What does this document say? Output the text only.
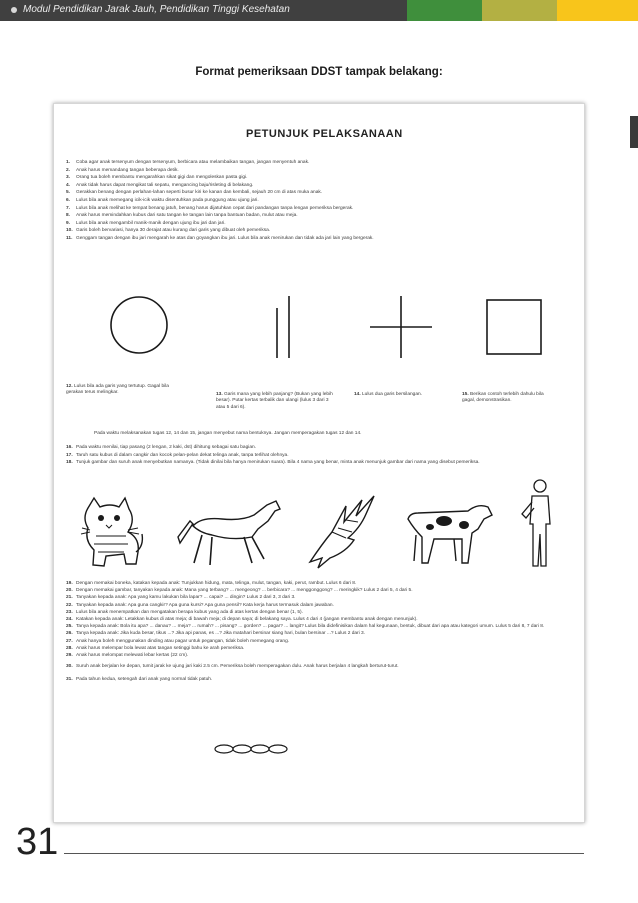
Modul Pendidikan Jarak Jauh, Pendidikan Tinggi Kesehatan
Format pemeriksaan DDST tampak belakang:
PETUNJUK PELAKSANAAN
1.	Coba agar anak tersenyum dengan tersenyum, berbicara atau melambaikan tangan, jangan menyentuh anak.
2.	Anak harus memandang tangan beberapa detik.
3.	Orang tua boleh membantu mengarahkan sikat gigi dan mengoleskan pasta gigi.
4.	Anak tidak harus dapat mengikat tali sepatu, mengancing baju/risleting di belakang.
5.	Gerakkan benang dengan perlahan-lahan seperti busur kiri ke kanan dan kembali, sejauh 20 cm di atas muka anak.
6.	Lulus bila anak memegang icik-icik waktu disentuhkan pada punggung atau ujung jari.
7.	Lulus bila anak melihat ke tempat benang jatuh, benang harus dijatuhkan cepat dari pandangan tanpa lengan pemeriksa bergerak.
8.	Anak harus memindahkan kubus dari satu tangan ke tangan lain tanpa bantuan badan, mulut atau meja.
9.	Lulus bila anak mengambil manik-manik dengan ujung ibu jari dan jari.
10. Garis boleh bervariasi, hanya 30 derajat atau kurang dari garis yang dibuat oleh pemeriksa.
11. Genggam tangan dengan ibu jari mengarah ke atas dan goyangkan ibu jari. Lulus bila anak menirukan dan tidak ada jari lain yang bergerak.
12. Lulus bila ada garis yang tertutup. Gagal bila gerakan terus melingkar.	13. Garis mana yang lebih panjang? (Bukan yang lebih besar). Putar kertas terbalik dan ulangi (lulus 3 dari 3 atau 5 dari 6).
14. Lulus dua garis bersilangan.	15. Berikan contoh terlebih dahulu bila gagal, demonstrasikan.
Pada waktu melaksanakan tugas 12, 14 dan 15, jangan menyebut nama bentuknya. Jangan memperagakan tugas 12 dan 14.
16. Pada waktu menilai, tiap pasang (2 lengan, 2 kaki, dst) dihitung sebagai satu bagian.
17. Taruh satu kubus di dalam cangkir dan kocok pelan-pelan dekat telinga anak, tanpa terlihat olehnya.
18. Tunjuk gambar dan suruh anak menyebutkan namanya. (Tidak dinilai bila hanya menirukan suara). Bila 4 nama yang benar, minta anak menunjuk gambar dari nama yang disebut pemeriksa.
19. Dengan memakai boneka, katakan kepada anak: Tunjukkan hidung, mata, telinga, mulut, tangan, kaki, perut, rambut. Lulus 6 dari 8.
20. Dengan memakai gambar, tanyakan kepada anak: Mana yang terbang? ... mengeong? ... berbicara? ... menggonggong? ... meringkik? Lulus 2 dari 5, 4 dari 5.
21. Tanyakan kepada anak: Apa yang kamu lakukan bila lapar? ... capai? ... dingin? Lulus 2 dari 3, 3 dari 3.
22. Tanyakan kepada anak: Apa guna cangkir? Apa guna kursi? Apa guna pensil? Kata kerja harus termasuk dalam jawaban.
23. Lulus bila anak menempatkan dan mengatakan berapa kubus yang ada di atas kertas dengan benar (1, 5).
24. Katakan kepada anak: Letakkan kubus di atas meja; di bawah meja; di depan saya; di belakang saya. Lulus 4 dari 4 (jangan membantu anak dengan menunjuk).
25. Tanya kepada anak: Bola itu apa? ... danau? ... meja? ... rumah? ... pisang? ... gorden? ... pagar? ... langit? Lulus bila didefinisikan dalam hal kegunaan, bentuk, dibuat dari apa atau kategori umum. Lulus 5 dari 8, 7 dari 8.
26. Tanya kepada anak: Jika kuda besar, tikus ...? Jika api panas, es ...? Jika matahari bersinar siang hari, bulan bersinar ...? Lulus 2 dari 3.
27. Anak hanya boleh menggunakan dinding atau pagar untuk pegangan, tidak boleh memegang orang.
28. Anak harus melempar bola lewat atas tangan setinggi bahu ke arah pemeriksa.
29. Anak harus melompat melewati lebar kertas (22 cm).
30. Suruh anak berjalan ke depan, tumit jarak ke ujung jari kaki 2.5 cm. Pemeriksa boleh memperagakan dulu. Anak harus berjalan 4 langkah berturut-turut.
31. Pada tahun kedua, setengah dari anak yang normal tidak patuh.
31
